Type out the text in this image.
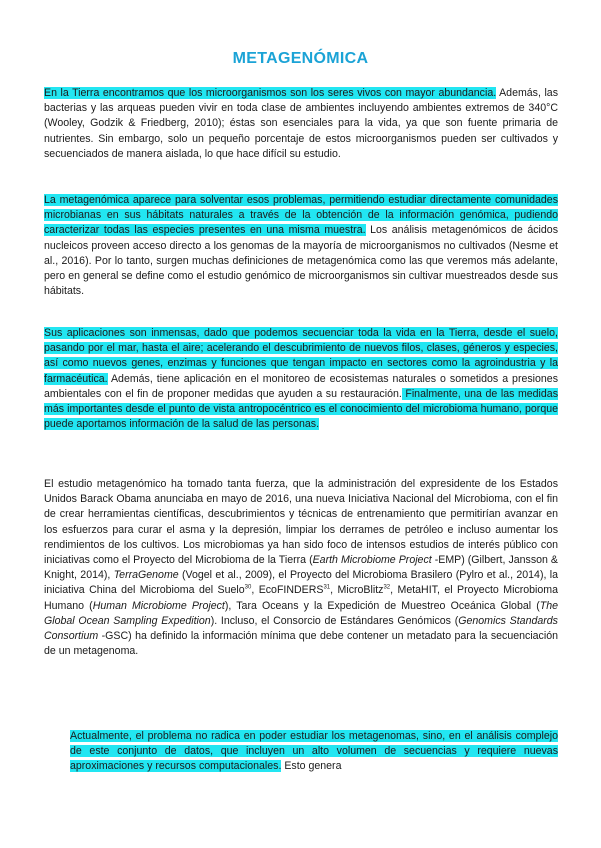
METAGENÓMICA

En la Tierra encontramos que los microorganismos son los seres vivos con mayor abundancia. Además, las bacterias y las arqueas pueden vivir en toda clase de ambientes incluyendo ambientes extremos de 340°C (Wooley, Godzik & Friedberg, 2010); éstas son esenciales para la vida, ya que son fuente primaria de nutrientes. Sin embargo, solo un pequeño porcentaje de estos microorganismos pueden ser cultivados y secuenciados de manera aislada, lo que hace difícil su estudio.

La metagenómica aparece para solventar esos problemas, permitiendo estudiar directamente comunidades microbianas en sus hábitats naturales a través de la obtención de la información genómica, pudiendo caracterizar todas las especies presentes en una misma muestra. Los análisis metagenómicos de ácidos nucleicos proveen acceso directo a los genomas de la mayoría de microorganismos no cultivados (Nesme et al., 2016). Por lo tanto, surgen muchas definiciones de metagenómica como las que veremos más adelante, pero en general se define como el estudio genómico de microorganismos sin cultivar muestreados desde sus hábitats.

Sus aplicaciones son inmensas, dado que podemos secuenciar toda la vida en la Tierra, desde el suelo, pasando por el mar, hasta el aire; acelerando el descubrimiento de nuevos filos, clases, géneros y especies, así como nuevos genes, enzimas y funciones que tengan impacto en sectores como la agroindustria y la farmacéutica. Además, tiene aplicación en el monitoreo de ecosistemas naturales o sometidos a presiones ambientales con el fin de proponer medidas que ayuden a su restauración. Finalmente, una de las medidas más importantes desde el punto de vista antropocéntrico es el conocimiento del microbioma humano, porque puede aportamos información de la salud de las personas.

El estudio metagenómico ha tomado tanta fuerza, que la administración del expresidente de los Estados Unidos Barack Obama anunciaba en mayo de 2016, una nueva Iniciativa Nacional del Microbioma, con el fin de crear herramientas científicas, descubrimientos y técnicas de entrenamiento que permitirían avanzar en los esfuerzos para curar el asma y la depresión, limpiar los derrames de petróleo e incluso aumentar los rendimientos de los cultivos. Los microbiomas ya han sido foco de intensos estudios de interés público con iniciativas como el Proyecto del Microbioma de la Tierra (Earth Microbiome Project -EMP) (Gilbert, Jansson & Knight, 2014), TerraGenome (Vogel et al., 2009), el Proyecto del Microbioma Brasilero (Pylro et al., 2014), la iniciativa China del Microbioma del Suelo$^{30}$, EcoFINDERS$^{31}$, MicroBlitz$^{32}$, MetaHIT, el Proyecto Microbioma Humano (Human Microbiome Project), Tara Oceans y la Expedición de Muestreo Oceánica Global (The Global Ocean Sampling Expedition). Incluso, el Consorcio de Estándares Genómicos (Genomics Standards Consortium -GSC) ha definido la información mínima que debe contener un metadato para la secuenciación de un metagenoma.

Actualmente, el problema no radica en poder estudiar los metagenomas, sino, en el análisis complejo de este conjunto de datos, que incluyen un alto volumen de secuencias y requiere nuevas aproximaciones y recursos computacionales. Esto genera
